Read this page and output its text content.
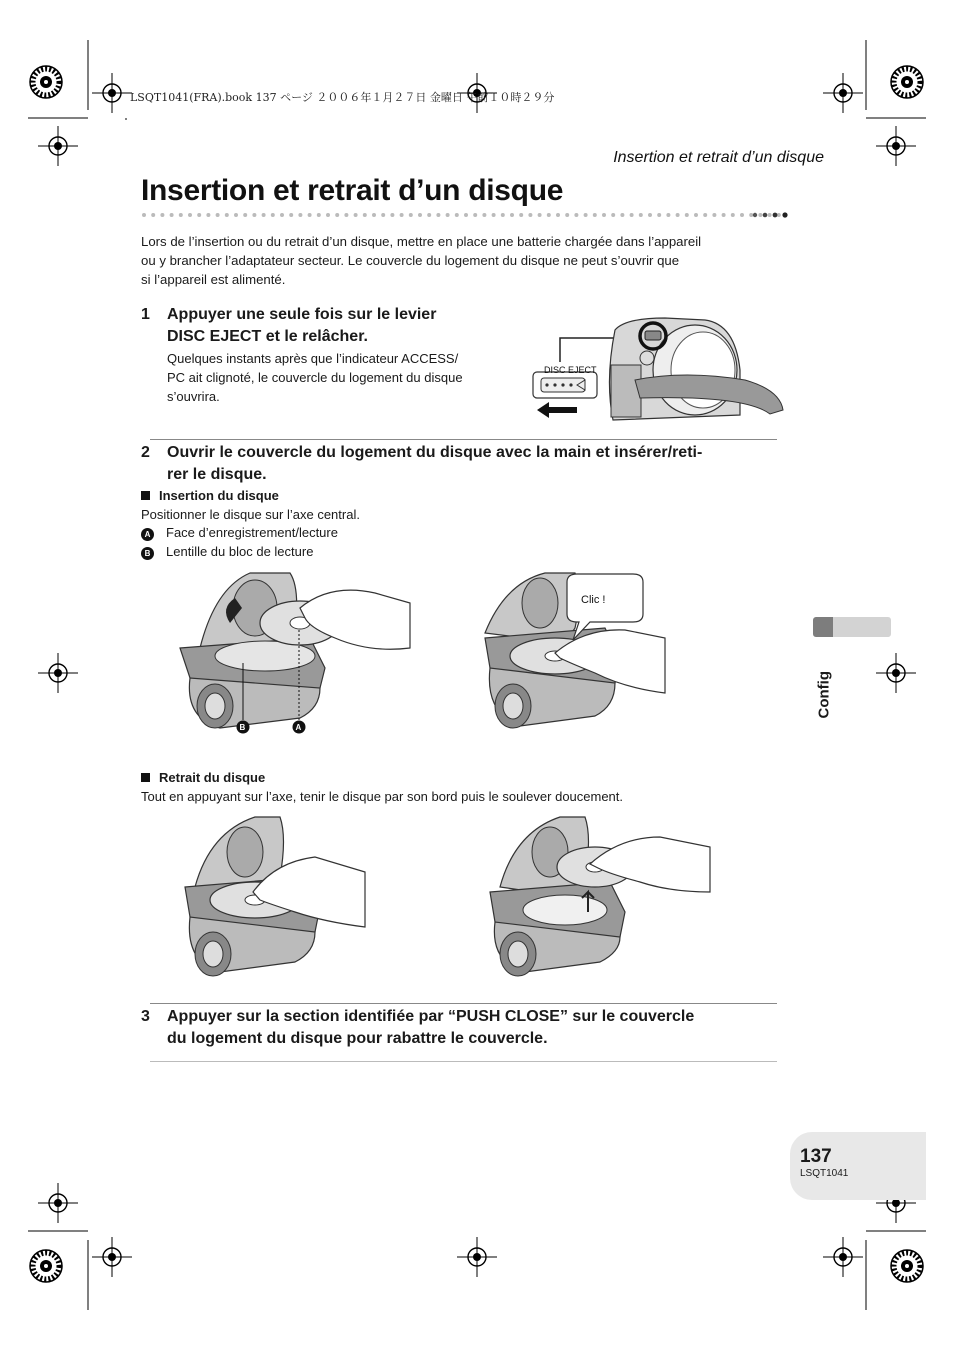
LSQT1041(FRA).book 137 ページ ２００６年１月２７日 金曜日 午前１０時２９分
Insertion et retrait d’un disque
Insertion et retrait d’un disque

Lors de l’insertion ou du retrait d’un disque, mettre en place une batterie chargée dans l’appareil
ou y brancher l’adaptateur secteur. Le couvercle du logement du disque ne peut s’ouvrir que
si l’appareil est alimenté.

1 Appuyer une seule fois sur le levier
DISC EJECT et le relâcher.

Quelques instants après que l’indicateur ACCESS/
PC ait clignoté, le couvercle du logement du disque
s’ouvrira.

DISC EJECT
2 Ouvrir le couvercle du logement du disque avec la main et insérer/reti-
rer le disque.

Insertion du disque
Positionner le disque sur l’axe central.
A Face d’enregistrement/lecture
B Lentille du bloc de lecture
B	A
Clic !
Retrait du disque
Tout en appuyant sur l’axe, tenir le disque par son bord puis le soulever doucement.
3 Appuyer sur la section identifiée par “PUSH CLOSE” sur le couvercle
du logement du disque pour rabattre le couvercle.

Config
137
LSQT1041
